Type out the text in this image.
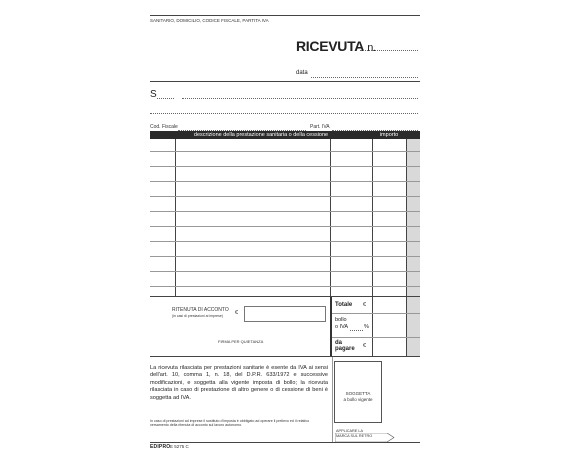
SANITARIO, DOMICILIO, CODICE FISCALE, PARTITA IVA
RICEVUTA n.
data
S
Cod. Fiscale	Part. IVA
descrizione della prestazione sanitaria o della cessione	importo
RITENUTA DI ACCONTO
(in casi di prestazioni ai imprese) €
FIRMA PER QUIETANZA
Totale €
bollo
o IVA	%
da
pagare €
La ricevuta rilasciata per prestazioni sanitarie è esente da IVA ai sensi dell'art. 10, comma 1, n. 18, del D.P.R. 633/1972 e successive modificazioni, e soggetta alla vigente imposta di bollo; la ricevuta rilasciata in caso di prestazione di altro genere o di cessione di beni è soggetta ad IVA.
In caso di prestazioni ad imprese il sostituto d'imposta è obbligato ad operare il prelievo ed il relativo versamento della ritenuta di acconto sul lavoro autonomo.
SOGGETTA
a bollo vigente
APPLICARE LA
MARCA SUL RETRO
EDIPRO E 5275 C
